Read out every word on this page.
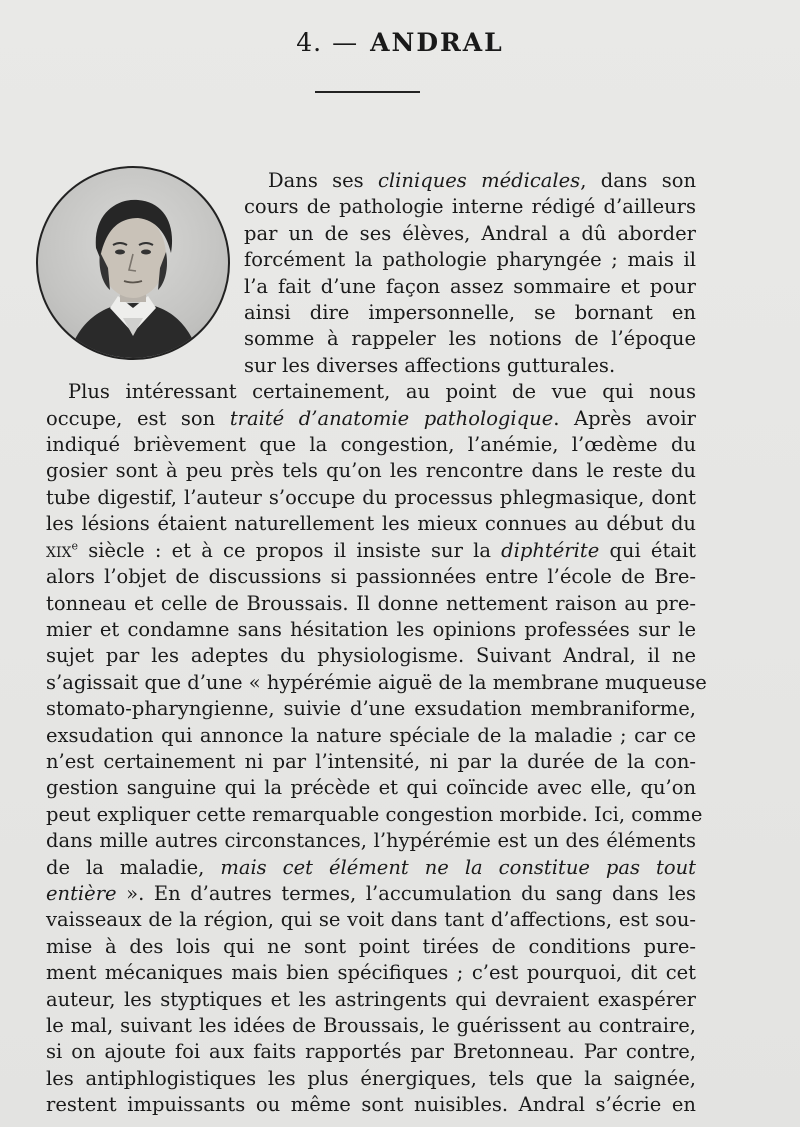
4. — ANDRAL
Dans ses cliniques médicales, dans son
cours de pathologie interne rédigé d’ailleurs
par un de ses élèves, Andral a dû aborder
forcément la pathologie pharyngée ; mais il
l’a fait d’une façon assez sommaire et pour
ainsi dire impersonnelle, se bornant en
somme à rappeler les notions de l’époque
sur les diverses affections gutturales.
Plus intéressant certainement, au point de vue qui nous
occupe, est son traité d’anatomie pathologique. Après avoir
indiqué brièvement que la congestion, l’anémie, l’œdème du
gosier sont à peu près tels qu’on les rencontre dans le reste du
tube digestif, l’auteur s’occupe du processus phlegmasique, dont
les lésions étaient naturellement les mieux connues au début du
xix$^e$ siècle : et à ce propos il insiste sur la diphtérite qui était
alors l’objet de discussions si passionnées entre l’école de Bre-
tonneau et celle de Broussais. Il donne nettement raison au pre-
mier et condamne sans hésitation les opinions professées sur le
sujet par les adeptes du physiologisme. Suivant Andral, il ne
s’agissait que d’une « hypérémie aiguë de la membrane muqueuse
stomato-pharyngienne, suivie d’une exsudation membraniforme,
exsudation qui annonce la nature spéciale de la maladie ; car ce
n’est certainement ni par l’intensité, ni par la durée de la con-
gestion sanguine qui la précède et qui coïncide avec elle, qu’on
peut expliquer cette remarquable congestion morbide. Ici, comme
dans mille autres circonstances, l’hypérémie est un des éléments
de la maladie, mais cet élément ne la constitue pas tout
entière ». En d’autres termes, l’accumulation du sang dans les
vaisseaux de la région, qui se voit dans tant d’affections, est sou-
mise à des lois qui ne sont point tirées de conditions pure-
ment mécaniques mais bien spécifiques ; c’est pourquoi, dit cet
auteur, les styptiques et les astringents qui devraient exaspérer
le mal, suivant les idées de Broussais, le guérissent au contraire,
si on ajoute foi aux faits rapportés par Bretonneau. Par contre,
les antiphlogistiques les plus énergiques, tels que la saignée,
restent impuissants ou même sont nuisibles. Andral s’écrie en
